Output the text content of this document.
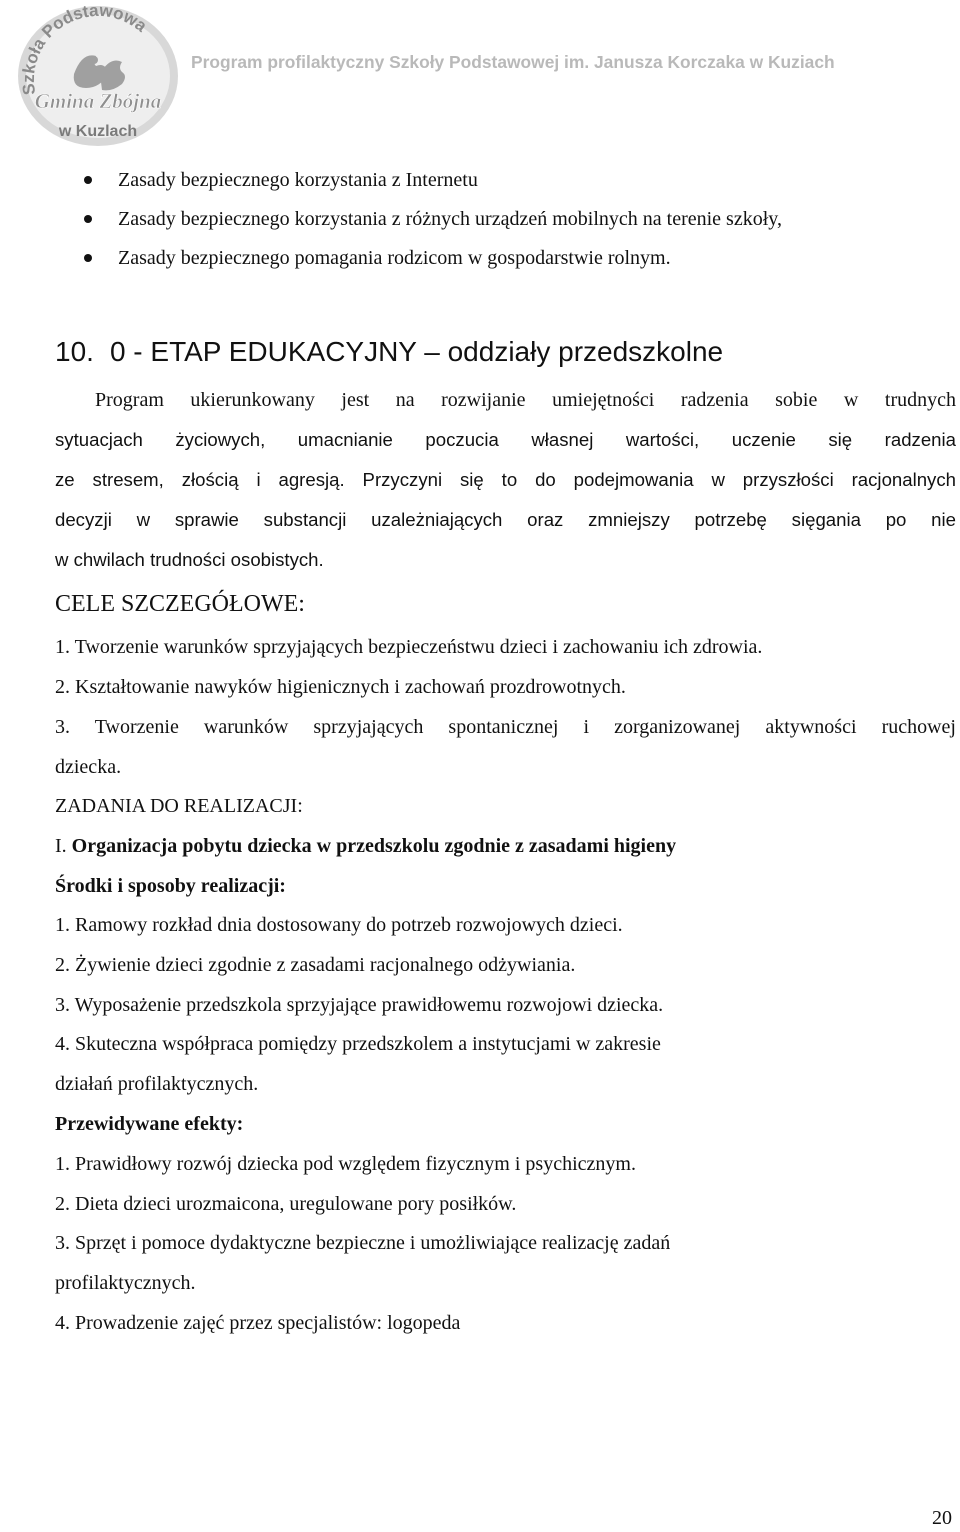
Szkoła Podstawowa
Gmina Zbójna
w Kuzlach
Program profilaktyczny Szkoły Podstawowej im. Janusza Korczaka w Kuziach
Zasady bezpiecznego korzystania z Internetu
Zasady bezpiecznego korzystania z różnych urządzeń mobilnych na terenie szkoły,
Zasady bezpiecznego pomagania rodzicom w gospodarstwie rolnym.
10. 0 - ETAP EDUKACYJNY – oddziały przedszkolne
Program ukierunkowany jest na rozwijanie umiejętności radzenia sobie w trudnych
sytuacjach życiowych, umacnianie poczucia własnej wartości, uczenie się radzenia
ze stresem, złością i agresją. Przyczyni się to do podejmowania w przyszłości racjonalnych
decyzji w sprawie substancji uzależniających oraz zmniejszy potrzebę sięgania po nie
w chwilach trudności osobistych.
CELE SZCZEGÓŁOWE:
1. Tworzenie warunków sprzyjających bezpieczeństwu dzieci i zachowaniu ich zdrowia.
2. Kształtowanie nawyków higienicznych i zachowań prozdrowotnych.
3. Tworzenie warunków sprzyjających spontanicznej i zorganizowanej aktywności ruchowej
dziecka.
ZADANIA DO REALIZACJI:
I. Organizacja pobytu dziecka w przedszkolu zgodnie z zasadami higieny
Środki i sposoby realizacji:
1. Ramowy rozkład dnia dostosowany do potrzeb rozwojowych dzieci.
2. Żywienie dzieci zgodnie z zasadami racjonalnego odżywiania.
3. Wyposażenie przedszkola sprzyjające prawidłowemu rozwojowi dziecka.
4. Skuteczna współpraca pomiędzy przedszkolem a instytucjami w zakresie
działań profilaktycznych.
Przewidywane efekty:
1. Prawidłowy rozwój dziecka pod względem fizycznym i psychicznym.
2. Dieta dzieci urozmaicona, uregulowane pory posiłków.
3. Sprzęt i pomoce dydaktyczne bezpieczne i umożliwiające realizację zadań
profilaktycznych.
4. Prowadzenie zajęć przez specjalistów: logopeda
20
